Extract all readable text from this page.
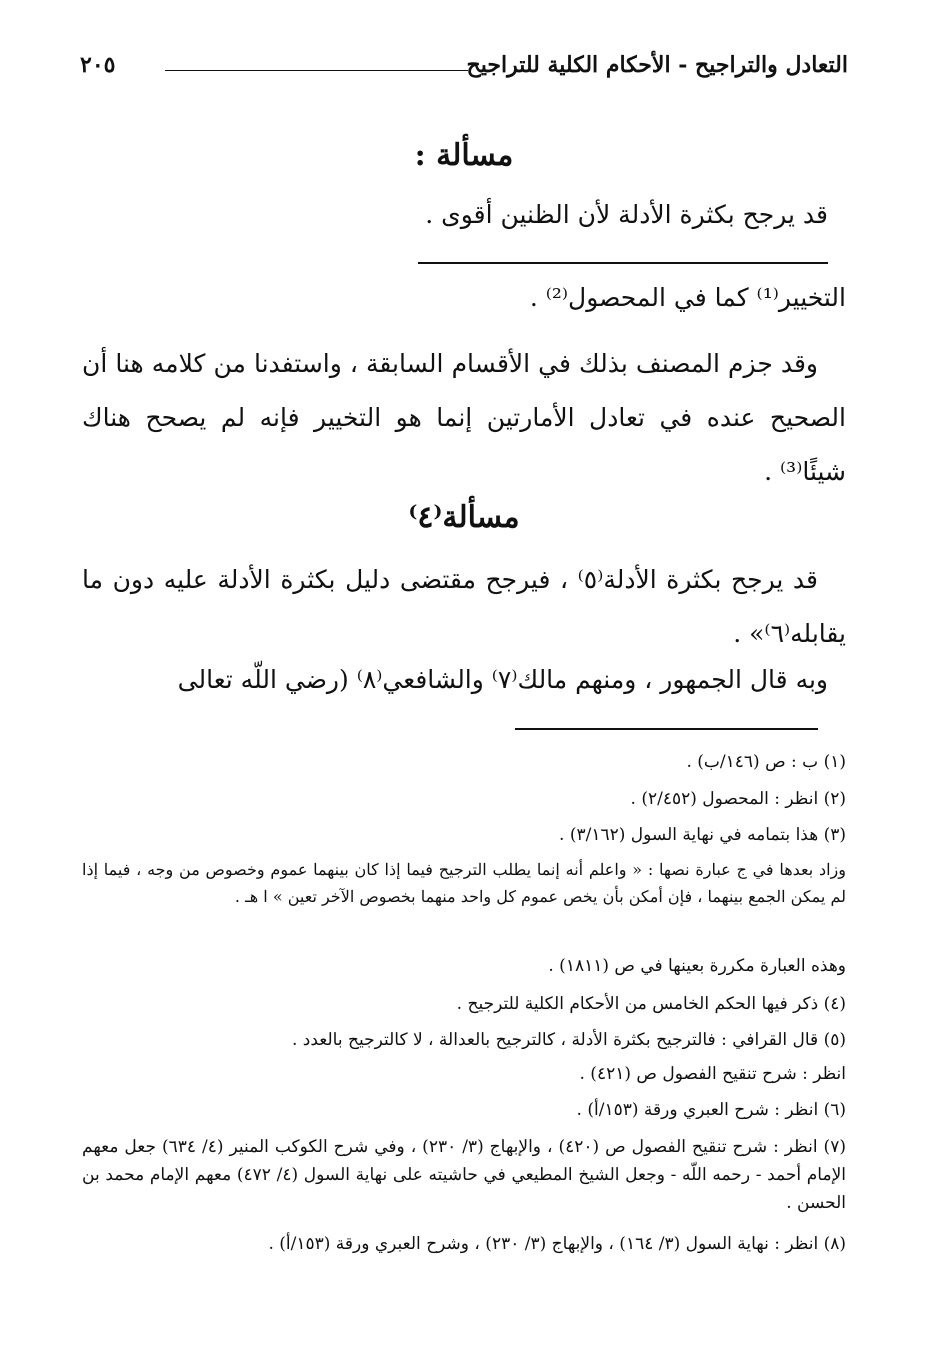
التعادل والتراجيح - الأحكام الكلية للتراجيح
٢٠٥
مسألة :
قد يرجح بكثرة الأدلة لأن الظنين أقوى .
التخيير⁽¹⁾ كما في المحصول⁽²⁾ .
وقد جزم المصنف بذلك في الأقسام السابقة ، واستفدنا من كلامه هنا أن الصحيح عنده في تعادل الأمارتين إنما هو التخيير فإنه لم يصحح هناك شيئًا⁽³⁾ .
مسألة⁽٤⁾
قد يرجح بكثرة الأدلة⁽٥⁾ ، فيرجح مقتضى دليل بكثرة الأدلة عليه دون ما يقابله⁽٦⁾» .
وبه قال الجمهور ، ومنهم مالك⁽٧⁾ والشافعي⁽٨⁾ (رضي اللّه تعالى
(١) ب : ص (١٤٦/ب) .
(٢) انظر : المحصول (٢/٤٥٢) .
(٣) هذا بتمامه في نهاية السول (٣/١٦٢) .
وزاد بعدها في ج عبارة نصها : « واعلم أنه إنما يطلب الترجيح فيما إذا كان بينهما عموم وخصوص من وجه ، فيما إذا لم يمكن الجمع بينهما ، فإن أمكن بأن يخص عموم كل واحد منهما بخصوص الآخر تعين » ا هـ .
وهذه العبارة مكررة بعينها في ص (١٨١١) .
(٤) ذكر فيها الحكم الخامس من الأحكام الكلية للترجيح .
(٥) قال القرافي : فالترجيح بكثرة الأدلة ، كالترجيح بالعدالة ، لا كالترجيح بالعدد .
انظر : شرح تنقيح الفصول ص (٤٢١) .
(٦) انظر : شرح العبري ورقة (١٥٣/أ) .
(٧) انظر : شرح تنقيح الفصول ص (٤٢٠) ، والإبهاج (٣/ ٢٣٠) ، وفي شرح الكوكب المنير (٤/ ٦٣٤) جعل معهم الإمام أحمد - رحمه اللّه - وجعل الشيخ المطيعي في حاشيته على نهاية السول (٤/ ٤٧٢) معهم الإمام محمد بن الحسن .
(٨) انظر : نهاية السول (٣/ ١٦٤) ، والإبهاج (٣/ ٢٣٠) ، وشرح العبري ورقة (١٥٣/أ) .
